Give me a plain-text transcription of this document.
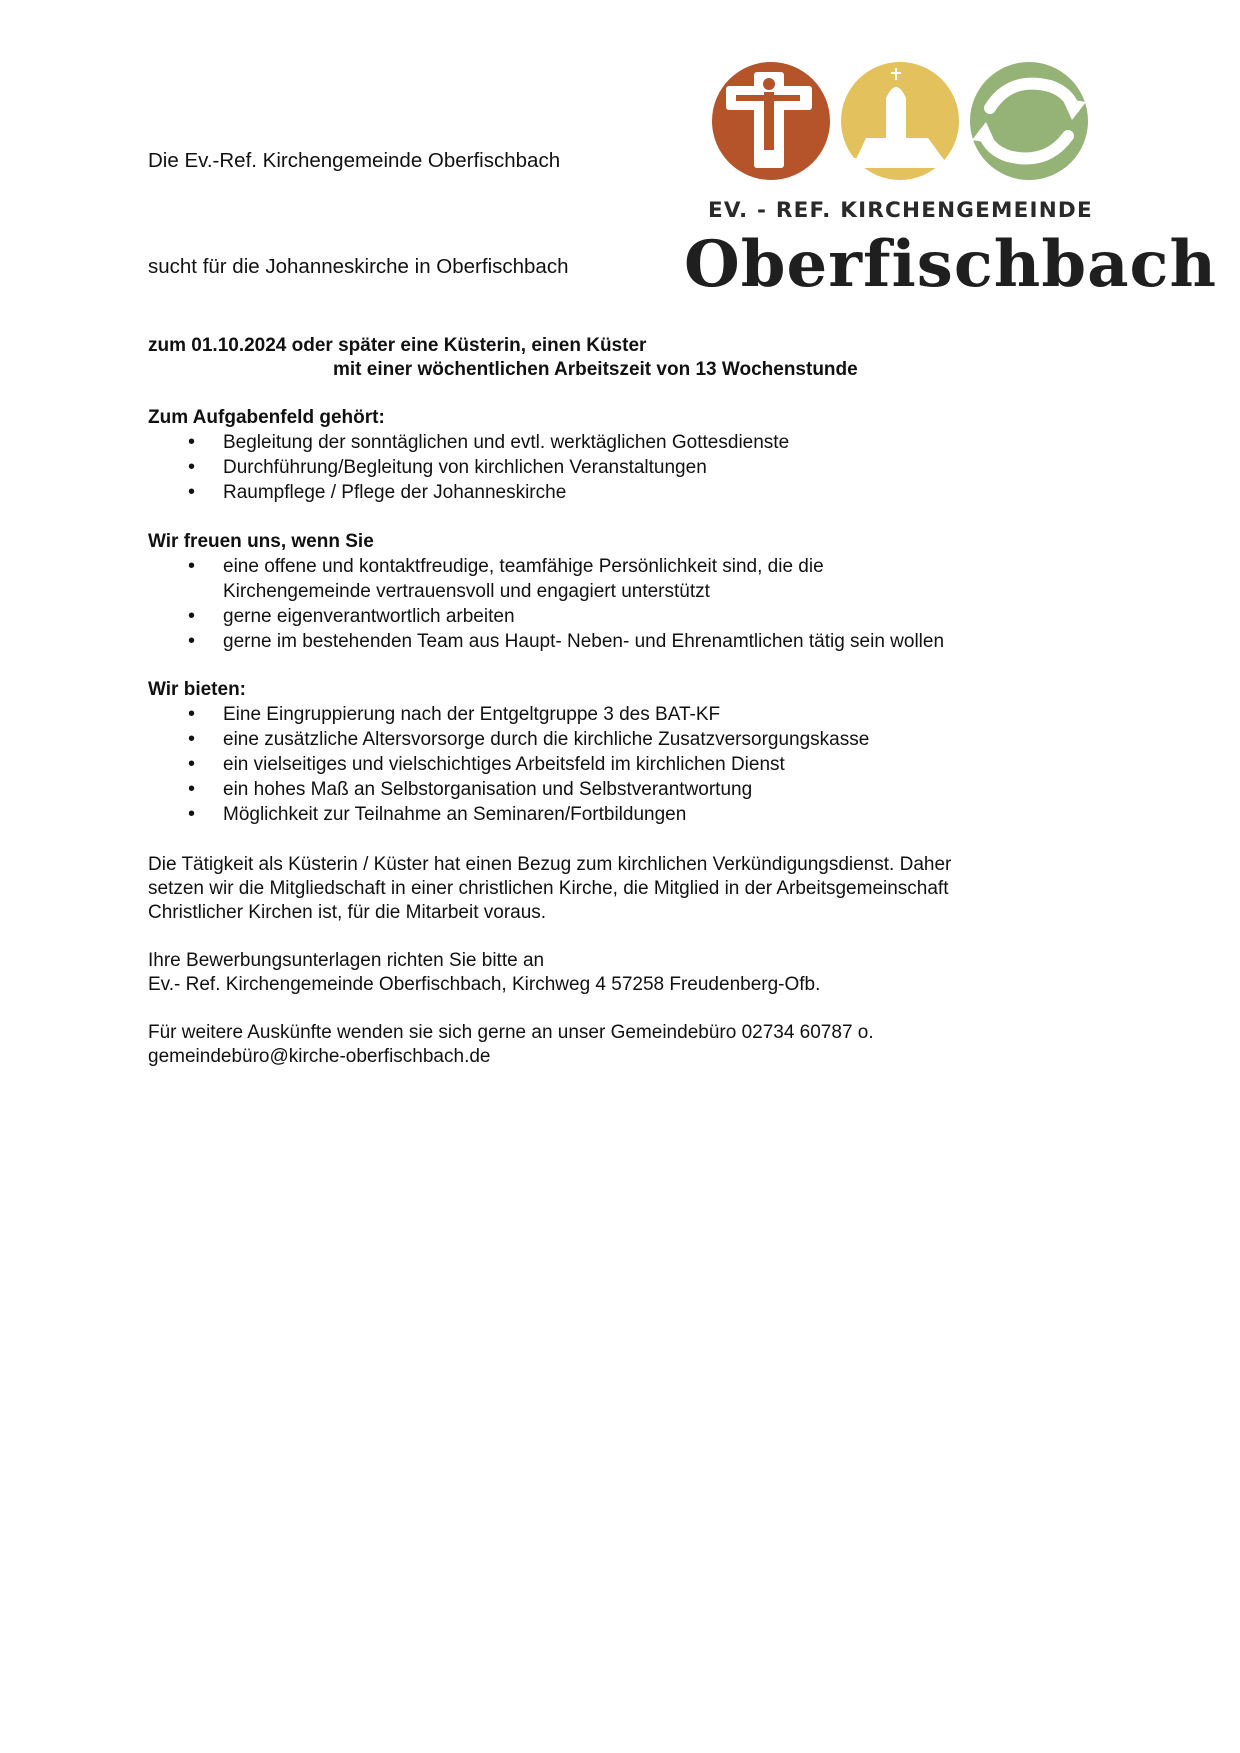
Die Ev.-Ref. Kirchengemeinde Oberfischbach
sucht für die Johanneskirche in Oberfischbach
EV. - REF. KIRCHENGEMEINDE
Oberfischbach
zum 01.10.2024 oder später eine Küsterin, einen Küster
mit einer wöchentlichen Arbeitszeit von 13 Wochenstunde
Zum Aufgabenfeld gehört:
• Begleitung der sonntäglichen und evtl. werktäglichen Gottesdienste
• Durchführung/Begleitung von kirchlichen Veranstaltungen
• Raumpflege / Pflege der Johanneskirche
Wir freuen uns, wenn Sie
• eine offene und kontaktfreudige, teamfähige Persönlichkeit sind, die die
Kirchengemeinde vertrauensvoll und engagiert unterstützt
• gerne eigenverantwortlich arbeiten
• gerne im bestehenden Team aus Haupt- Neben- und Ehrenamtlichen tätig sein wollen
Wir bieten:
• Eine Eingruppierung nach der Entgeltgruppe 3 des BAT-KF
• eine zusätzliche Altersvorsorge durch die kirchliche Zusatzversorgungskasse
• ein vielseitiges und vielschichtiges Arbeitsfeld im kirchlichen Dienst
• ein hohes Maß an Selbstorganisation und Selbstverantwortung
• Möglichkeit zur Teilnahme an Seminaren/Fortbildungen
Die Tätigkeit als Küsterin / Küster hat einen Bezug zum kirchlichen Verkündigungsdienst. Daher
setzen wir die Mitgliedschaft in einer christlichen Kirche, die Mitglied in der Arbeitsgemeinschaft
Christlicher Kirchen ist, für die Mitarbeit voraus.
Ihre Bewerbungsunterlagen richten Sie bitte an
Ev.- Ref. Kirchengemeinde Oberfischbach, Kirchweg 4 57258 Freudenberg-Ofb.
Für weitere Auskünfte wenden sie sich gerne an unser Gemeindebüro 02734 60787 o.
gemeindebüro@kirche-oberfischbach.de
